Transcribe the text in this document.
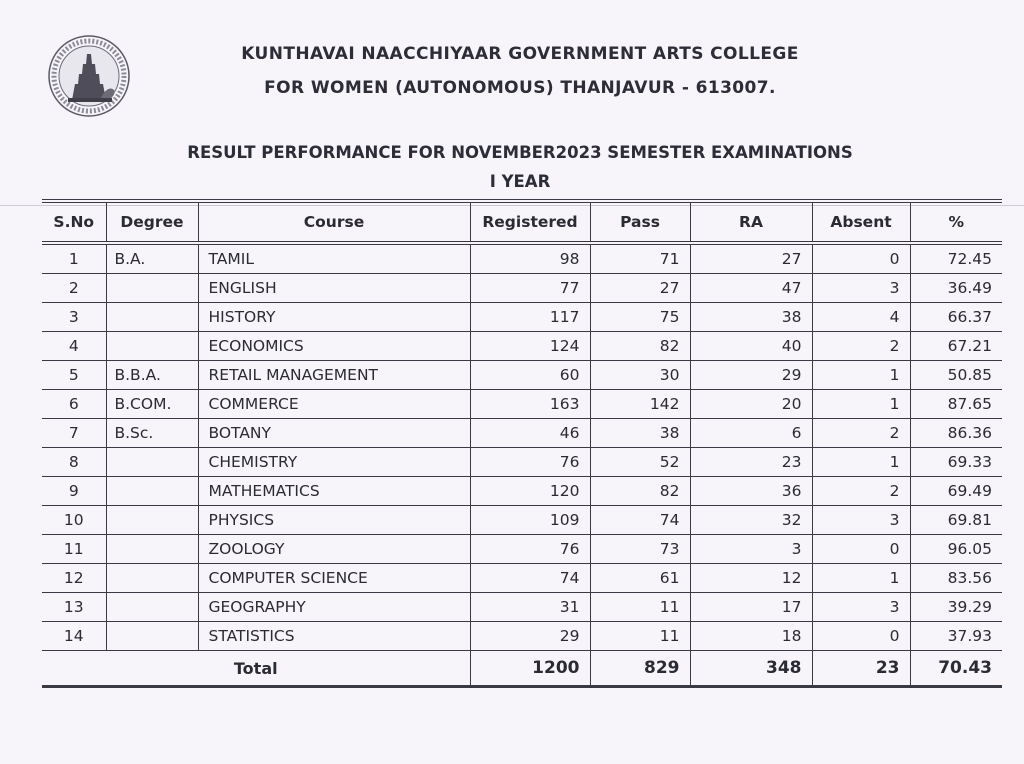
KUNTHAVAI NAACCHIYAAR GOVERNMENT ARTS COLLEGE
FOR WOMEN (AUTONOMOUS) THANJAVUR - 613007.
RESULT PERFORMANCE FOR NOVEMBER2023 SEMESTER EXAMINATIONS
I YEAR
S.No	Degree	Course	Registered	Pass	RA	Absent	%
1	B.A.	TAMIL	98	71	27	0	72.45
2		ENGLISH	77	27	47	3	36.49
3		HISTORY	117	75	38	4	66.37
4		ECONOMICS	124	82	40	2	67.21
5	B.B.A.	RETAIL MANAGEMENT	60	30	29	1	50.85
6	B.COM.	COMMERCE	163	142	20	1	87.65
7	B.Sc.	BOTANY	46	38	6	2	86.36
8		CHEMISTRY	76	52	23	1	69.33
9		MATHEMATICS	120	82	36	2	69.49
10		PHYSICS	109	74	32	3	69.81
11		ZOOLOGY	76	73	3	0	96.05
12		COMPUTER SCIENCE	74	61	12	1	83.56
13		GEOGRAPHY	31	11	17	3	39.29
14		STATISTICS	29	11	18	0	37.93
Total			1200	829	348	23	70.43
